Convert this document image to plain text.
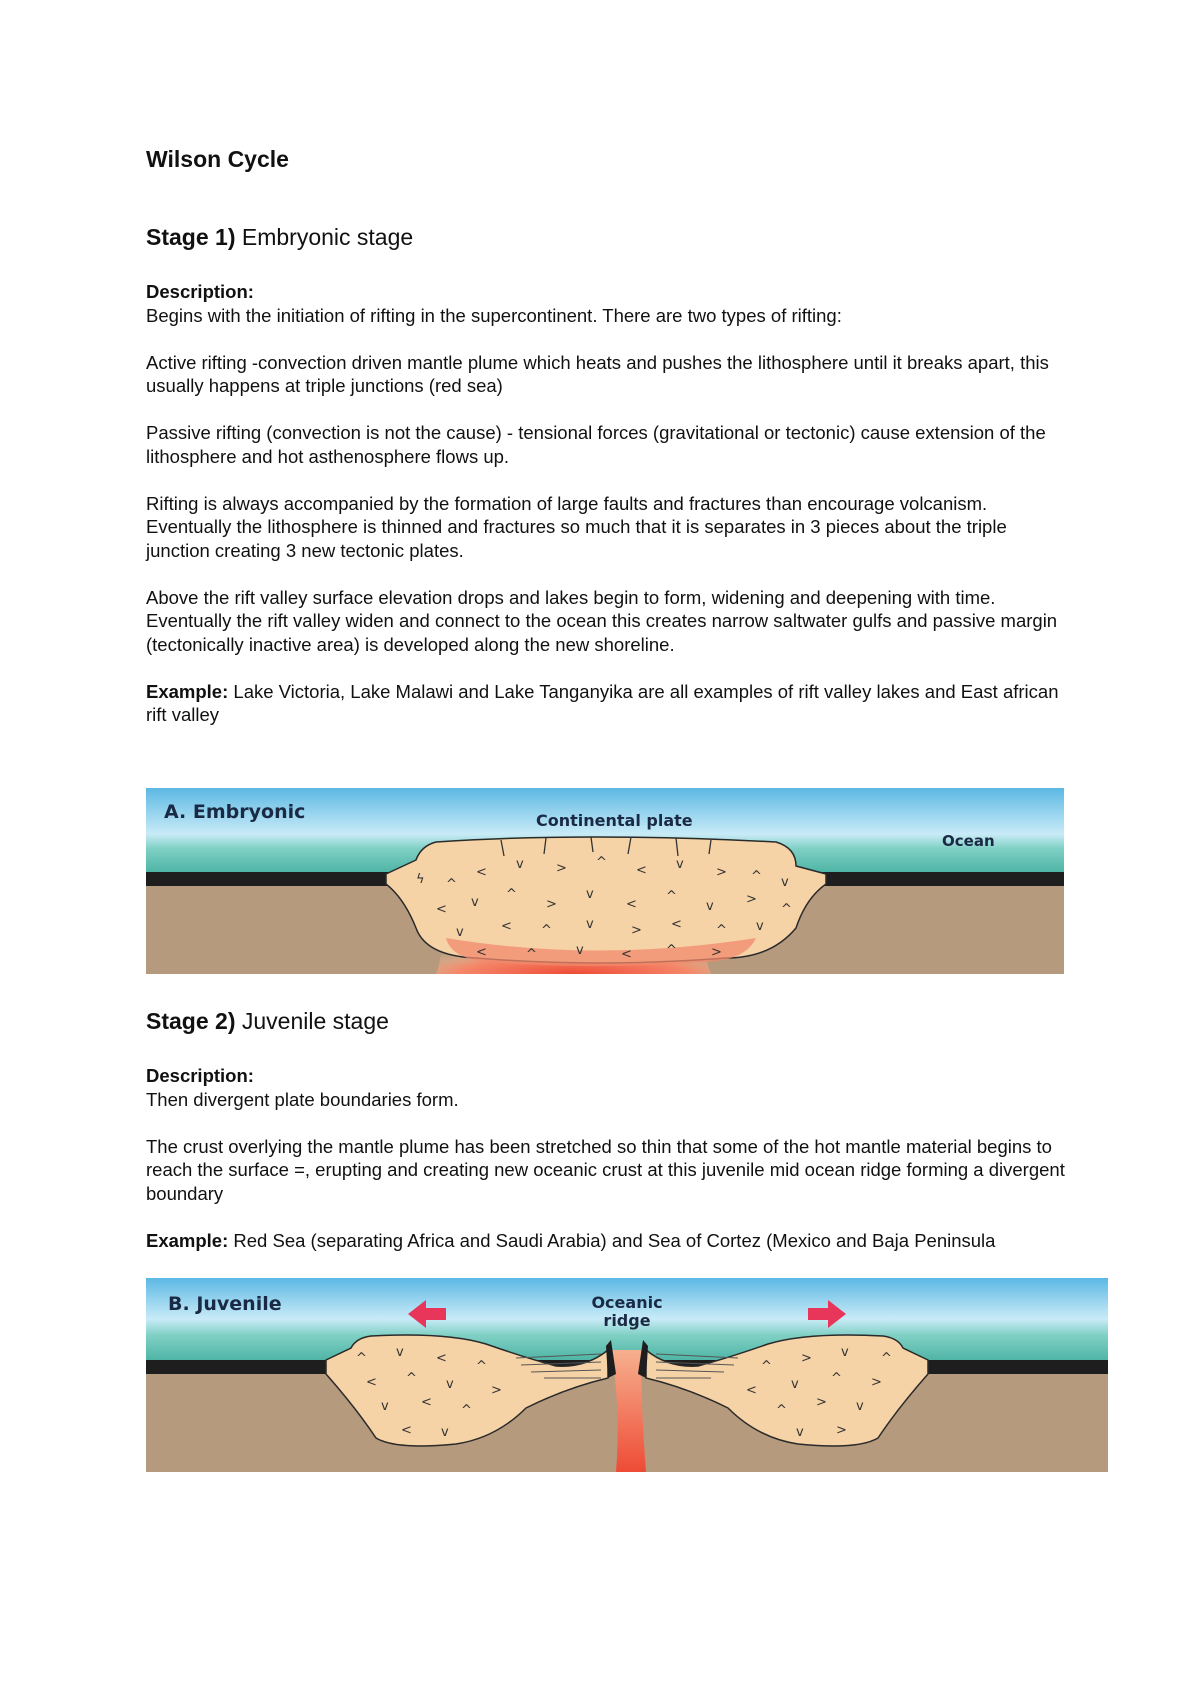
Wilson Cycle
Stage 1) Embryonic stage

Description:
Begins with the initiation of rifting in the supercontinent. There are two types of rifting:

Active rifting -convection driven mantle plume which heats and pushes the lithosphere until it breaks apart, this usually happens at triple junctions (red sea)

Passive rifting (convection is not the cause) - tensional forces (gravitational or tectonic) cause extension of the lithosphere and hot asthenosphere flows up.

Rifting is always accompanied by the formation of large faults and fractures than encourage volcanism. Eventually the lithosphere is thinned and fractures so much that it is separates in 3 pieces about the triple junction creating 3 new tectonic plates.

Above the rift valley surface elevation drops and lakes begin to form, widening and deepening with time.

Eventually the rift valley widen and connect to the ocean this creates narrow saltwater gulfs and passive margin (tectonically inactive area) is developed along the new shoreline.

Example: Lake Victoria, Lake Malawi and Lake Tanganyika are all examples of rift valley lakes and East african rift valley

ϟ ^
<
v > ^
< v
> ^ v
< v
^
>
v
<
^
v >
^
v	< ^	v	> <	^ v
<	^	v	<	^	>
A. Embryonic	Continental plate
Ocean
Stage 2) Juvenile stage

Description:
Then divergent plate boundaries form.

The crust overlying the mantle plume has been stretched so thin that some of the hot mantle material begins to reach the surface =, erupting and creating new oceanic crust at this juvenile mid ocean ridge forming a divergent boundary

Example: Red Sea (separating Africa and Saudi Arabia) and Sea of Cortez (Mexico and Baja Peninsula

^ v <
^
< ^ v	>
v <
^
< v
^
v
>
^
>
^
v
<
v
>
^
>
v
B. Juvenile	Oceanic
ridge
